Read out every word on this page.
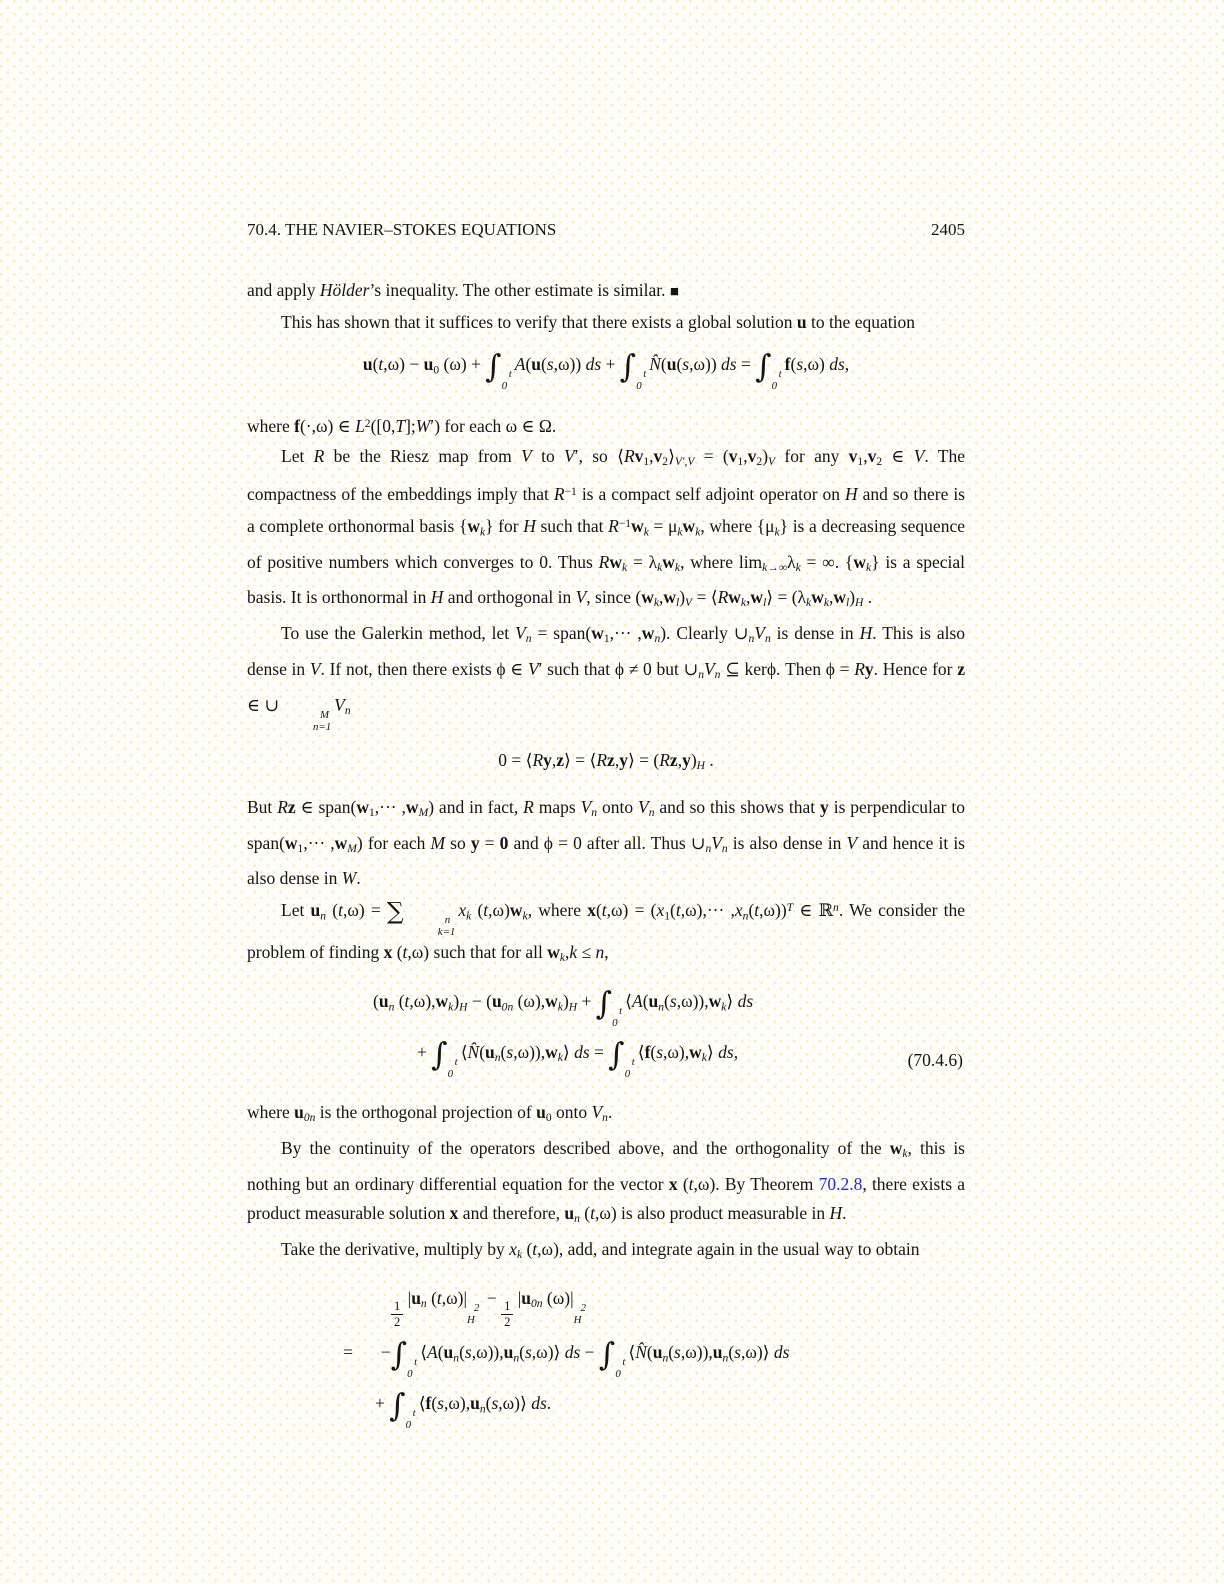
70.4. THE NAVIER–STOKES EQUATIONS	2405

and apply Hölder’s inequality. The other estimate is similar. ■

This has shown that it suffices to verify that there exists a global solution u to the equation

u(t,ω) − u0 (ω) + ∫ t
0
A(u(s,ω)) ds + ∫ t
0
N̂(u(s,ω)) ds = ∫ t
0
f(s,ω) ds,

where f(·,ω) ∈ $L^2([0,T];W')$ for each ω ∈ Ω.

Let R be the Riesz map from V to V′, so ⟨Rv1,v2⟩V′,V = (v1,v2)V for any v1,v2 ∈ V. The compactness of the embeddings imply that $R^{-1}$ is a compact self adjoint operator on H and so there is a complete orthonormal basis {wk} for H such that $R^{-1}wk = \mu kwk$, where {μk} is a decreasing sequence of positive numbers which converges to 0. Thus Rwk = λkwk, where limk→∞λk = ∞. {wk} is a special basis. It is orthonormal in H and orthogonal in V, since (wk,wl)V = ⟨Rwk,wl⟩ = (λkwk,wl)H .

To use the Galerkin method, let Vn = span(w1,··· ,wn). Clearly ∪nVn is dense in H. This is also dense in V. If not, then there exists ϕ ∈ V′ such that ϕ ≠ 0 but ∪nVn ⊆ kerϕ. Then ϕ = Ry. Hence for z ∈ ∪	M
n=1
Vn

0 = ⟨Ry,z⟩ = ⟨Rz,y⟩ = (Rz,y)H .

But Rz ∈ span(w1,··· ,wM) and in fact, R maps Vn onto Vn and so this shows that y is perpendicular to span(w1,··· ,wM) for each M so y = 0 and ϕ = 0 after all. Thus ∪nVn is also dense in V and hence it is also dense in W.

Let un (t,ω) = ∑	n
k=1
xk (t,ω)wk, where $x(t,\omega) = (x1(t,\omega),\cdot\cdot\cdot ,xn(t,\omega))^T$ ∈ ℝ$^n$. We consider the problem of finding x (t,ω) such that for all wk,k ≤ n,

(un (t,ω),wk)H − (u0n (ω),wk)H + ∫ t
0
⟨A(un(s,ω)),wk⟩ ds
+ ∫ t
0
⟨N̂(un(s,ω)),wk⟩ ds = ∫ t
0
⟨f(s,ω),wk⟩ ds,	(70.4.6)

where u0n is the orthogonal projection of u0 onto Vn.

By the continuity of the operators described above, and the orthogonality of the wk, this is nothing but an ordinary differential equation for the vector x (t,ω). By Theorem 70.2.8, there exists a product measurable solution x and therefore, un (t,ω) is also product measurable in H.

Take the derivative, multiply by xk (t,ω), add, and integrate again in the usual way to obtain

$\frac{1}{2}$
|un (t,ω)| 2
H
−
$\frac{1}{2}$
|u0n (ω)| 2
H
= −∫ t
0
⟨A(un(s,ω)),un(s,ω)⟩ ds − ∫ t
0
⟨N̂(un(s,ω)),un(s,ω)⟩ ds
+ ∫ t
0
⟨f(s,ω),un(s,ω)⟩ ds.
